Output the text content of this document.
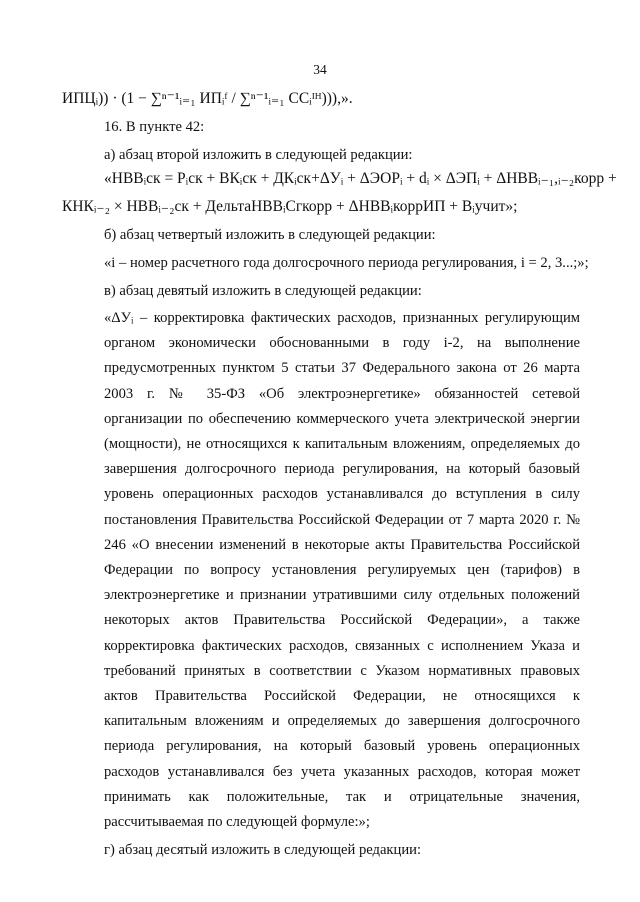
34
ИПЦᵢ)) · (1 − ∑ⁿ⁻¹ᵢ₌₁ ИПᵢᶠ / ∑ⁿ⁻¹ᵢ₌₁ ССᵢᴵᴴ))),».
16. В пункте 42:
а) абзац второй изложить в следующей редакции:
«НВВᵢск = Рᵢск + ВКᵢск + ДКᵢск+ΔУᵢ + ΔЭОРᵢ + dᵢ × ΔЭПᵢ + ΔНВВᵢ₋₁,ᵢ₋₂корр +
КНКᵢ₋₂ × НВВᵢ₋₂ск + ДельтаНВВᵢСгкорр + ΔНВВᵢкоррИП + Вᵢучит»;
б) абзац четвертый изложить в следующей редакции:
«i – номер расчетного года долгосрочного периода регулирования, i = 2, 3...;»;
в) абзац девятый изложить в следующей редакции:

«ΔУᵢ – корректировка фактических расходов, признанных регулирующим органом экономически обоснованными в году i-2, на выполнение предусмотренных пунктом 5 статьи 37 Федерального закона от 26 марта 2003 г. № 35-ФЗ «Об электроэнергетике» обязанностей сетевой организации по обеспечению коммерческого учета электрической энергии (мощности), не относящихся к капитальным вложениям, определяемых до завершения долгосрочного периода регулирования, на который базовый уровень операционных расходов устанавливался до вступления в силу постановления Правительства Российской Федерации от 7 марта 2020 г. № 246 «О внесении изменений в некоторые акты Правительства Российской Федерации по вопросу установления регулируемых цен (тарифов) в электроэнергетике и признании утратившими силу отдельных положений некоторых актов Правительства Российской Федерации», а также корректировка фактических расходов, связанных с исполнением Указа и требований принятых в соответствии с Указом нормативных правовых актов Правительства Российской Федерации, не относящихся к капитальным вложениям и определяемых до завершения долгосрочного периода регулирования, на который базовый уровень операционных расходов устанавливался без учета указанных расходов, которая может принимать как положительные, так и отрицательные значения, рассчитываемая по следующей формуле:»;

г) абзац десятый изложить в следующей редакции:
